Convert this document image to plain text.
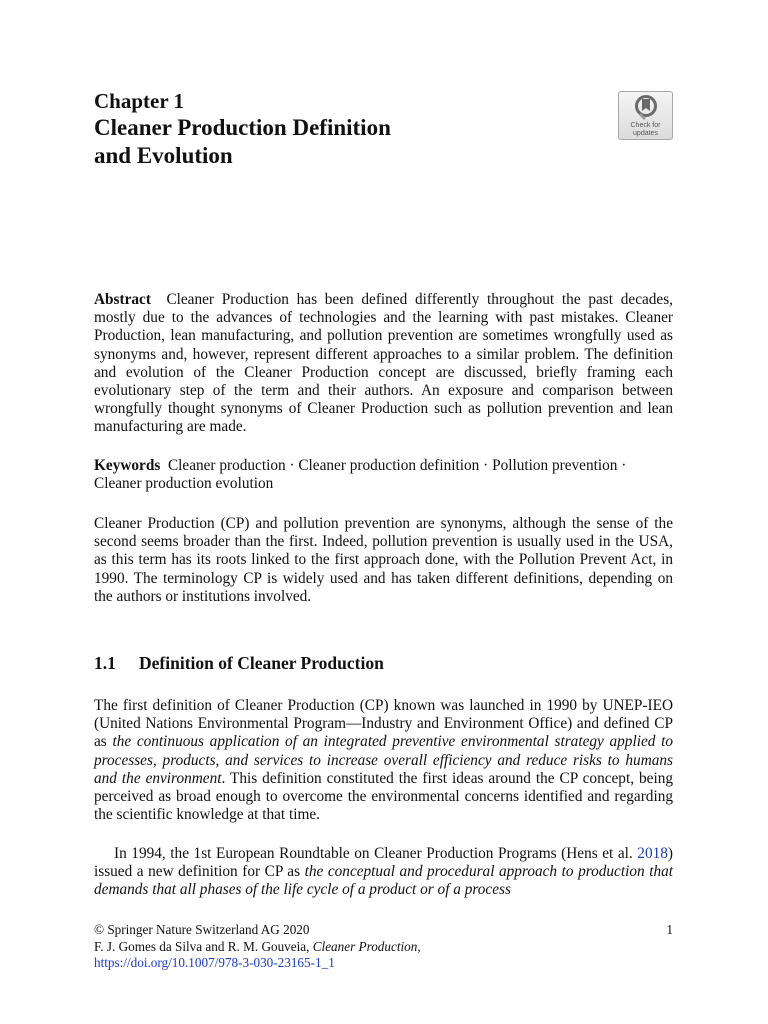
Chapter 1
Cleaner Production Definition
and Evolution
Check for
updates

Abstract Cleaner Production has been defined differently throughout the past decades, mostly due to the advances of technologies and the learning with past mistakes. Cleaner Production, lean manufacturing, and pollution prevention are sometimes wrongfully used as synonyms and, however, represent different approaches to a similar problem. The definition and evolution of the Cleaner Production concept are discussed, briefly framing each evolutionary step of the term and their authors. An exposure and comparison between wrongfully thought synonyms of Cleaner Production such as pollution prevention and lean manufacturing are made.

Keywords Cleaner production · Cleaner production definition · Pollution prevention · Cleaner production evolution

Cleaner Production (CP) and pollution prevention are synonyms, although the sense of the second seems broader than the first. Indeed, pollution prevention is usually used in the USA, as this term has its roots linked to the first approach done, with the Pollution Prevent Act, in 1990. The terminology CP is widely used and has taken different definitions, depending on the authors or institutions involved.

1.1 Definition of Cleaner Production

The first definition of Cleaner Production (CP) known was launched in 1990 by UNEP-IEO (United Nations Environmental Program—Industry and Environment Office) and defined CP as the continuous application of an integrated preventive environmental strategy applied to processes, products, and services to increase overall efficiency and reduce risks to humans and the environment. This definition constituted the first ideas around the CP concept, being perceived as broad enough to overcome the environmental concerns identified and regarding the scientific knowledge at that time.

In 1994, the 1st European Roundtable on Cleaner Production Programs (Hens et al. 2018) issued a new definition for CP as the conceptual and procedural approach to production that demands that all phases of the life cycle of a product or of a process

© Springer Nature Switzerland AG 2020	1
F. J. Gomes da Silva and R. M. Gouveia, Cleaner Production,
https://doi.org/10.1007/978-3-030-23165-1_1
